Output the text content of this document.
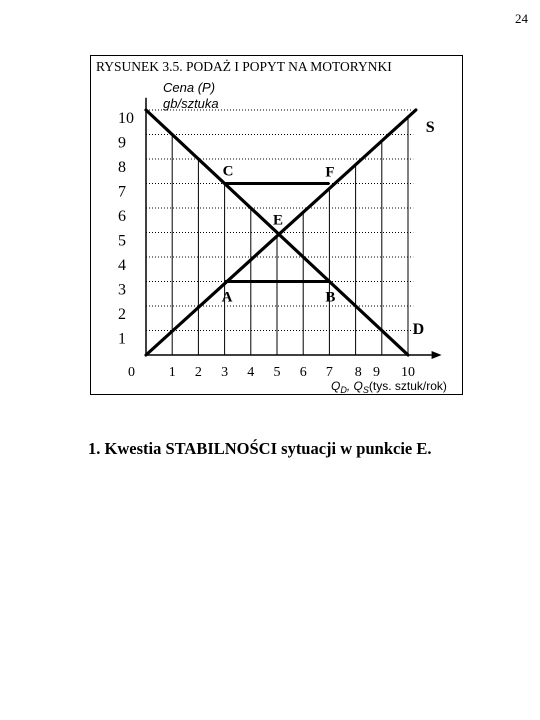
24
RYSUNEK 3.5. PODAŻ I POPYT NA MOTORYNKI
1
2
3
4
5
6
7
8
9
10
1 2 3 4 5 6 7 8 9 10
0
Cena (P)
gb/sztuka
$Q_D$, $Q_S(tys$. sztuk/rok)
S
D
C	F
E
A	B
1. Kwestia STABILNOŚCI sytuacji w punkcie E.
